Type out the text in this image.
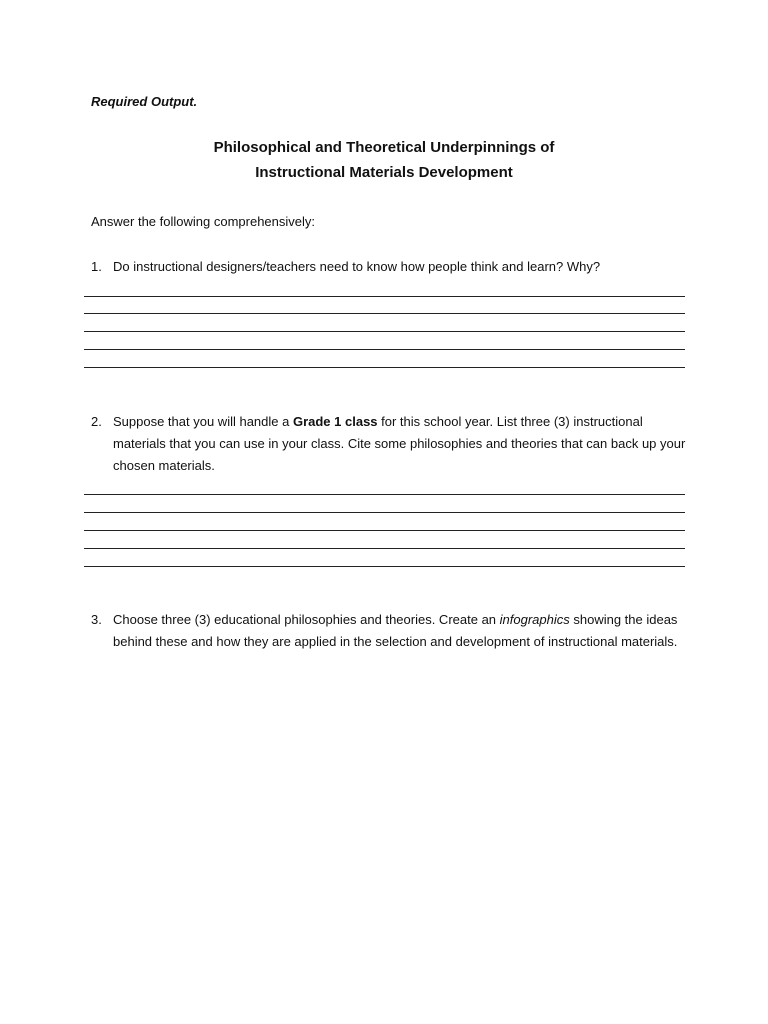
Required Output.
Philosophical and Theoretical Underpinnings of
Instructional Materials Development
Answer the following comprehensively:
1. Do instructional designers/teachers need to know how people think and learn? Why?
2. Suppose that you will handle a Grade 1 class for this school year. List three (3) instructional materials that you can use in your class. Cite some philosophies and theories that can back up your chosen materials.
3. Choose three (3) educational philosophies and theories. Create an infographics showing the ideas behind these and how they are applied in the selection and development of instructional materials.
